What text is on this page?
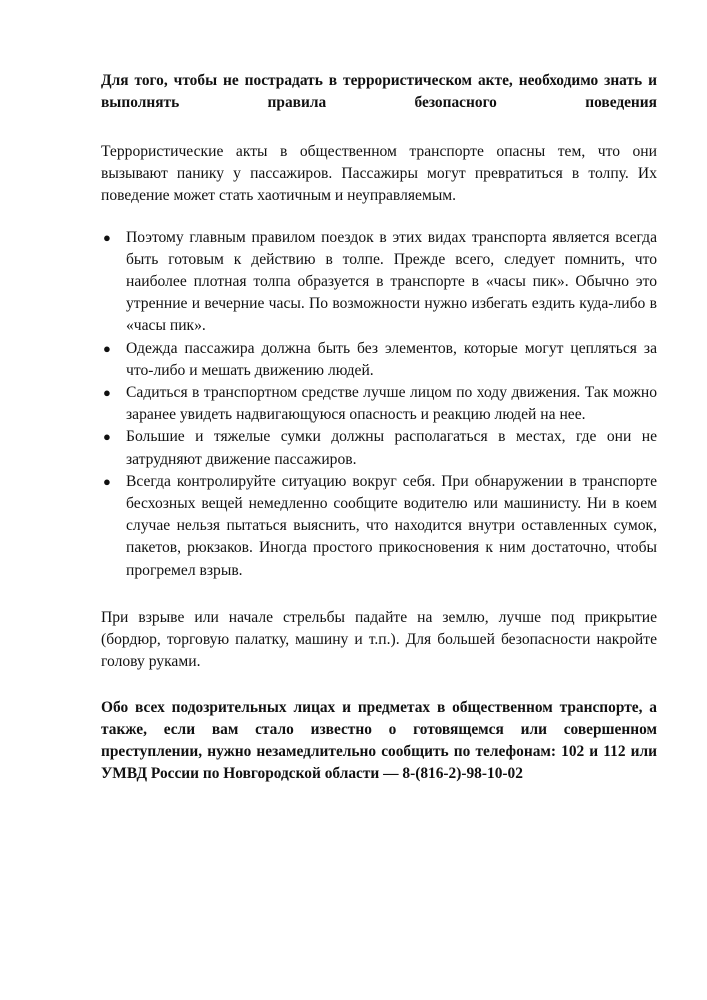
Для того, чтобы не пострадать в террористическом акте, необходимо знать и выполнять правила безопасного поведения

Террористические акты в общественном транспорте опасны тем, что они вызывают панику у пассажиров. Пассажиры могут превратиться в толпу. Их поведение может стать хаотичным и неуправляемым.

● Поэтому главным правилом поездок в этих видах транспорта является всегда быть готовым к действию в толпе. Прежде всего, следует помнить, что наиболее плотная толпа образуется в транспорте в «часы пик». Обычно это утренние и вечерние часы. По возможности нужно избегать ездить куда-либо в «часы пик».
● Одежда пассажира должна быть без элементов, которые могут цепляться за что-либо и мешать движению людей.
● Садиться в транспортном средстве лучше лицом по ходу движения. Так можно заранее увидеть надвигающуюся опасность и реакцию людей на нее.
● Большие и тяжелые сумки должны располагаться в местах, где они не затрудняют движение пассажиров.
● Всегда контролируйте ситуацию вокруг себя. При обнаружении в транспорте бесхозных вещей немедленно сообщите водителю или машинисту. Ни в коем случае нельзя пытаться выяснить, что находится внутри оставленных сумок, пакетов, рюкзаков. Иногда простого прикосновения к ним достаточно, чтобы прогремел взрыв.

При взрыве или начале стрельбы падайте на землю, лучше под прикрытие (бордюр, торговую палатку, машину и т.п.). Для большей безопасности накройте голову руками.

Обо всех подозрительных лицах и предметах в общественном транспорте, а также, если вам стало известно о готовящемся или совершенном преступлении, нужно незамедлительно сообщить по телефонам: 102 и 112 или УМВД России по Новгородской области — 8-(816-2)-98-10-02
